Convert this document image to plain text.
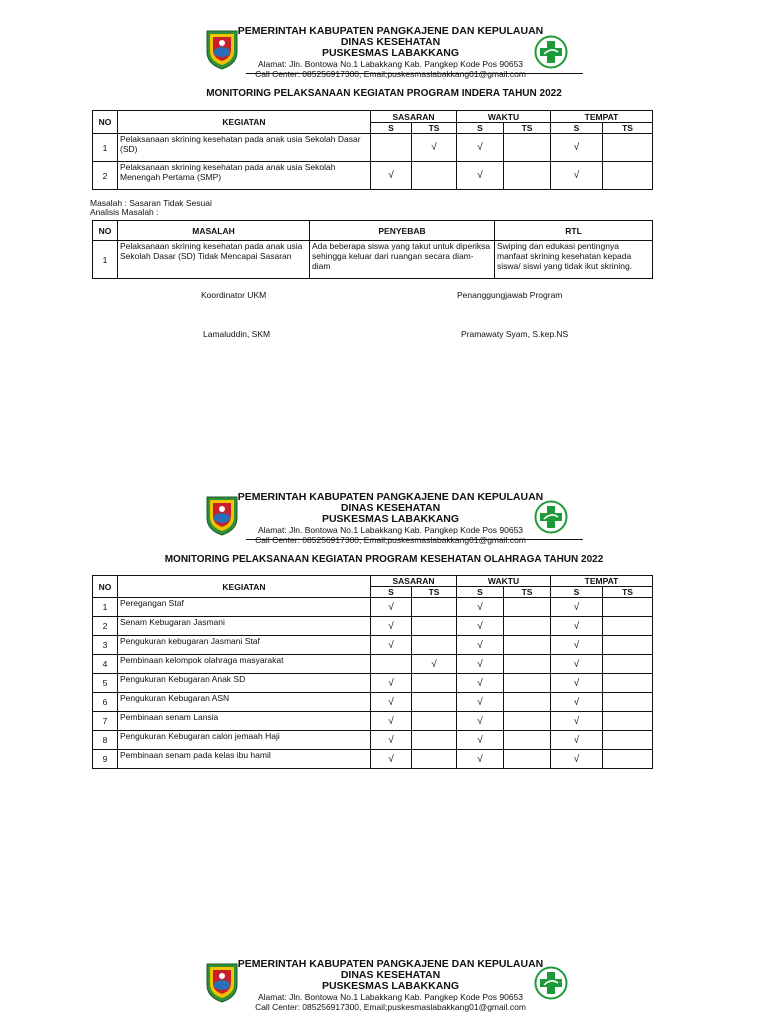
PEMERINTAH KABUPATEN PANGKAJENE DAN KEPULAUAN
DINAS KESEHATAN
PUSKESMAS LABAKKANG
Alamat: Jln. Bontowa No.1 Labakkang Kab. Pangkep Kode Pos 90653
Call Center: 085256917300, Email;puskesmaslabakkang01@gmail.com
MONITORING PELAKSANAAN KEGIATAN PROGRAM INDERA TAHUN 2022
NO	KEGIATAN	SASARAN		WAKTU		TEMPAT	
		S	TS	S	TS	S	TS
1	Pelaksanaan skrining kesehatan pada anak usia Sekolah Dasar (SD)		√	√		√	
2	Pelaksanaan skrining kesehatan pada anak usia Sekolah Menengah Pertama (SMP)	√		√		√	
Masalah : Sasaran Tidak Sesuai
Analisis Masalah :
NO	MASALAH	PENYEBAB	RTL
1	Pelaksanaan skrining kesehatan pada anak usia Sekolah Dasar (SD) Tidak Mencapai Sasaran	Ada beberapa siswa yang takut untuk diperiksa sehingga keluar dari ruangan secara diam-diam	Swiping dan edukasi pentingnya manfaat skrining kesehatan kepada siswa/ siswi yang tidak ikut skrining.
Koordinator UKM	Penanggungjawab Program
Lamaluddin, SKM	Pramawaty Syam, S.kep.NS
PEMERINTAH KABUPATEN PANGKAJENE DAN KEPULAUAN
DINAS KESEHATAN
PUSKESMAS LABAKKANG
Alamat: Jln. Bontowa No.1 Labakkang Kab. Pangkep Kode Pos 90653
Call Center: 085256917300, Email;puskesmaslabakkang01@gmail.com
MONITORING PELAKSANAAN KEGIATAN PROGRAM KESEHATAN OLAHRAGA TAHUN 2022
NO	KEGIATAN	SASARAN		WAKTU		TEMPAT	
		S	TS	S	TS	S	TS
1	Peregangan Staf	√		√		√	
2	Senam Kebugaran Jasmani	√		√		√	
3	Pengukuran kebugaran Jasmani Staf	√		√		√	
4	Pembinaan kelompok olahraga masyarakat		√	√		√	
5	Pengukuran Kebugaran Anak SD	√		√		√	
6	Pengukuran Kebugaran ASN	√		√		√	
7	Pembinaan senam Lansia	√		√		√	
8	Pengukuran Kebugaran calon jemaah Haji	√		√		√	
9	Pembinaan senam pada kelas ibu hamil	√		√		√	
PEMERINTAH KABUPATEN PANGKAJENE DAN KEPULAUAN
DINAS KESEHATAN
PUSKESMAS LABAKKANG
Alamat: Jln. Bontowa No.1 Labakkang Kab. Pangkep Kode Pos 90653
Call Center: 085256917300, Email;puskesmaslabakkang01@gmail.com
